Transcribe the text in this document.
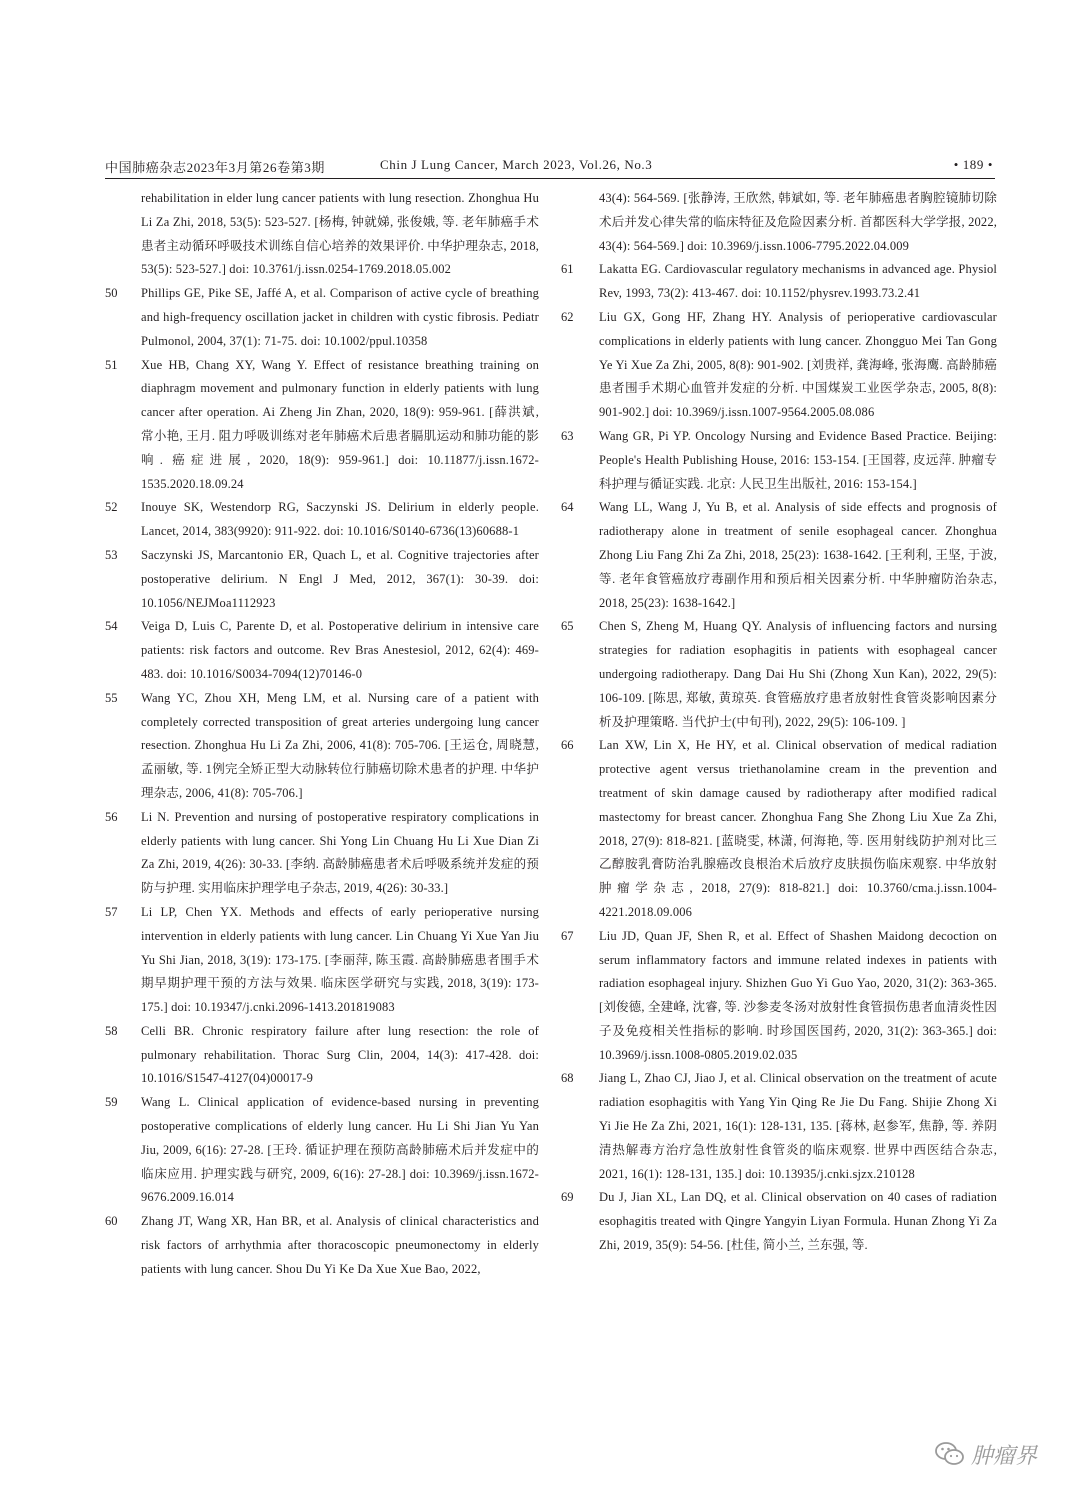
中国肺癌杂志2023年3月第26卷第3期	Chin J Lung Cancer, March 2023, Vol.26, No.3	• 189 •
rehabilitation in elder lung cancer patients with lung resection. Zhonghua Hu Li Za Zhi, 2018, 53(5): 523-527. [杨梅, 钟就娣, 张俊娥, 等. 老年肺癌手术患者主动循环呼吸技术训练自信心培养的效果评价. 中华护理杂志, 2018, 53(5): 523-527.] doi: 10.3761/j.issn.0254-1769.2018.05.002
50 Phillips GE, Pike SE, Jaffé A, et al. Comparison of active cycle of breathing and high-frequency oscillation jacket in children with cystic fibrosis. Pediatr Pulmonol, 2004, 37(1): 71-75. doi: 10.1002/ppul.10358
51 Xue HB, Chang XY, Wang Y. Effect of resistance breathing training on diaphragm movement and pulmonary function in elderly patients with lung cancer after operation. Ai Zheng Jin Zhan, 2020, 18(9): 959-961. [薛洪斌, 常小艳, 王月. 阻力呼吸训练对老年肺癌术后患者膈肌运动和肺功能的影响. 癌症进展, 2020, 18(9): 959-961.] doi: 10.11877/j.issn.1672-1535.2020.18.09.24
52 Inouye SK, Westendorp RG, Saczynski JS. Delirium in elderly people. Lancet, 2014, 383(9920): 911-922. doi: 10.1016/S0140-6736(13)60688-1
53 Saczynski JS, Marcantonio ER, Quach L, et al. Cognitive trajectories after postoperative delirium. N Engl J Med, 2012, 367(1): 30-39. doi: 10.1056/NEJMoa1112923
54 Veiga D, Luis C, Parente D, et al. Postoperative delirium in intensive care patients: risk factors and outcome. Rev Bras Anestesiol, 2012, 62(4): 469-483. doi: 10.1016/S0034-7094(12)70146-0
55 Wang YC, Zhou XH, Meng LM, et al. Nursing care of a patient with completely corrected transposition of great arteries undergoing lung cancer resection. Zhonghua Hu Li Za Zhi, 2006, 41(8): 705-706. [王运仓, 周晓慧, 孟丽敏, 等. 1例完全矫正型大动脉转位行肺癌切除术患者的护理. 中华护理杂志, 2006, 41(8): 705-706.]
56 Li N. Prevention and nursing of postoperative respiratory complications in elderly patients with lung cancer. Shi Yong Lin Chuang Hu Li Xue Dian Zi Za Zhi, 2019, 4(26): 30-33. [李纳. 高龄肺癌患者术后呼吸系统并发症的预防与护理. 实用临床护理学电子杂志, 2019, 4(26): 30-33.]
57 Li LP, Chen YX. Methods and effects of early perioperative nursing intervention in elderly patients with lung cancer. Lin Chuang Yi Xue Yan Jiu Yu Shi Jian, 2018, 3(19): 173-175. [李丽萍, 陈玉霞. 高龄肺癌患者围手术期早期护理干预的方法与效果. 临床医学研究与实践, 2018, 3(19): 173-175.] doi: 10.19347/j.cnki.2096-1413.201819083
58 Celli BR. Chronic respiratory failure after lung resection: the role of pulmonary rehabilitation. Thorac Surg Clin, 2004, 14(3): 417-428. doi: 10.1016/S1547-4127(04)00017-9
59 Wang L. Clinical application of evidence-based nursing in preventing postoperative complications of elderly lung cancer. Hu Li Shi Jian Yu Yan Jiu, 2009, 6(16): 27-28. [王玲. 循证护理在预防高龄肺癌术后并发症中的临床应用. 护理实践与研究, 2009, 6(16): 27-28.] doi: 10.3969/j.issn.1672-9676.2009.16.014
60 Zhang JT, Wang XR, Han BR, et al. Analysis of clinical characteristics and risk factors of arrhythmia after thoracoscopic pneumonectomy in elderly patients with lung cancer. Shou Du Yi Ke Da Xue Xue Bao, 2022,
43(4): 564-569. [张静涛, 王欣然, 韩斌如, 等. 老年肺癌患者胸腔镜肺切除术后并发心律失常的临床特征及危险因素分析. 首都医科大学学报, 2022, 43(4): 564-569.] doi: 10.3969/j.issn.1006-7795.2022.04.009
61 Lakatta EG. Cardiovascular regulatory mechanisms in advanced age. Physiol Rev, 1993, 73(2): 413-467. doi: 10.1152/physrev.1993.73.2.41
62 Liu GX, Gong HF, Zhang HY. Analysis of perioperative cardiovascular complications in elderly patients with lung cancer. Zhongguo Mei Tan Gong Ye Yi Xue Za Zhi, 2005, 8(8): 901-902. [刘贵祥, 龚海峰, 张海鹰. 高龄肺癌患者围手术期心血管并发症的分析. 中国煤炭工业医学杂志, 2005, 8(8): 901-902.] doi: 10.3969/j.issn.1007-9564.2005.08.086
63 Wang GR, Pi YP. Oncology Nursing and Evidence Based Practice. Beijing: People's Health Publishing House, 2016: 153-154. [王国蓉, 皮远萍. 肿瘤专科护理与循证实践. 北京: 人民卫生出版社, 2016: 153-154.]
64 Wang LL, Wang J, Yu B, et al. Analysis of side effects and prognosis of radiotherapy alone in treatment of senile esophageal cancer. Zhonghua Zhong Liu Fang Zhi Za Zhi, 2018, 25(23): 1638-1642. [王利利, 王坚, 于波, 等. 老年食管癌放疗毒副作用和预后相关因素分析. 中华肿瘤防治杂志, 2018, 25(23): 1638-1642.]
65 Chen S, Zheng M, Huang QY. Analysis of influencing factors and nursing strategies for radiation esophagitis in patients with esophageal cancer undergoing radiotherapy. Dang Dai Hu Shi (Zhong Xun Kan), 2022, 29(5): 106-109. [陈思, 郑敏, 黄琼英. 食管癌放疗患者放射性食管炎影响因素分析及护理策略. 当代护士(中旬刊), 2022, 29(5): 106-109. ]
66 Lan XW, Lin X, He HY, et al. Clinical observation of medical radiation protective agent versus triethanolamine cream in the prevention and treatment of skin damage caused by radiotherapy after modified radical mastectomy for breast cancer. Zhonghua Fang She Zhong Liu Xue Za Zhi, 2018, 27(9): 818-821. [蓝晓雯, 林潇, 何海艳, 等. 医用射线防护剂对比三乙醇胺乳膏防治乳腺癌改良根治术后放疗皮肤损伤临床观察. 中华放射肿瘤学杂志, 2018, 27(9): 818-821.] doi: 10.3760/cma.j.issn.1004-4221.2018.09.006
67 Liu JD, Quan JF, Shen R, et al. Effect of Shashen Maidong decoction on serum inflammatory factors and immune related indexes in patients with radiation esophageal injury. Shizhen Guo Yi Guo Yao, 2020, 31(2): 363-365. [刘俊德, 全建峰, 沈睿, 等. 沙参麦冬汤对放射性食管损伤患者血清炎性因子及免疫相关性指标的影响. 时珍国医国药, 2020, 31(2): 363-365.] doi: 10.3969/j.issn.1008-0805.2019.02.035
68 Jiang L, Zhao CJ, Jiao J, et al. Clinical observation on the treatment of acute radiation esophagitis with Yang Yin Qing Re Jie Du Fang. Shijie Zhong Xi Yi Jie He Za Zhi, 2021, 16(1): 128-131, 135. [蒋林, 赵参军, 焦静, 等. 养阴清热解毒方治疗急性放射性食管炎的临床观察. 世界中西医结合杂志, 2021, 16(1): 128-131, 135.] doi: 10.13935/j.cnki.sjzx.210128
69 Du J, Jian XL, Lan DQ, et al. Clinical observation on 40 cases of radiation esophagitis treated with Qingre Yangyin Liyan Formula. Hunan Zhong Yi Za Zhi, 2019, 35(9): 54-56. [杜佳, 简小兰, 兰东强, 等.
肿瘤界
